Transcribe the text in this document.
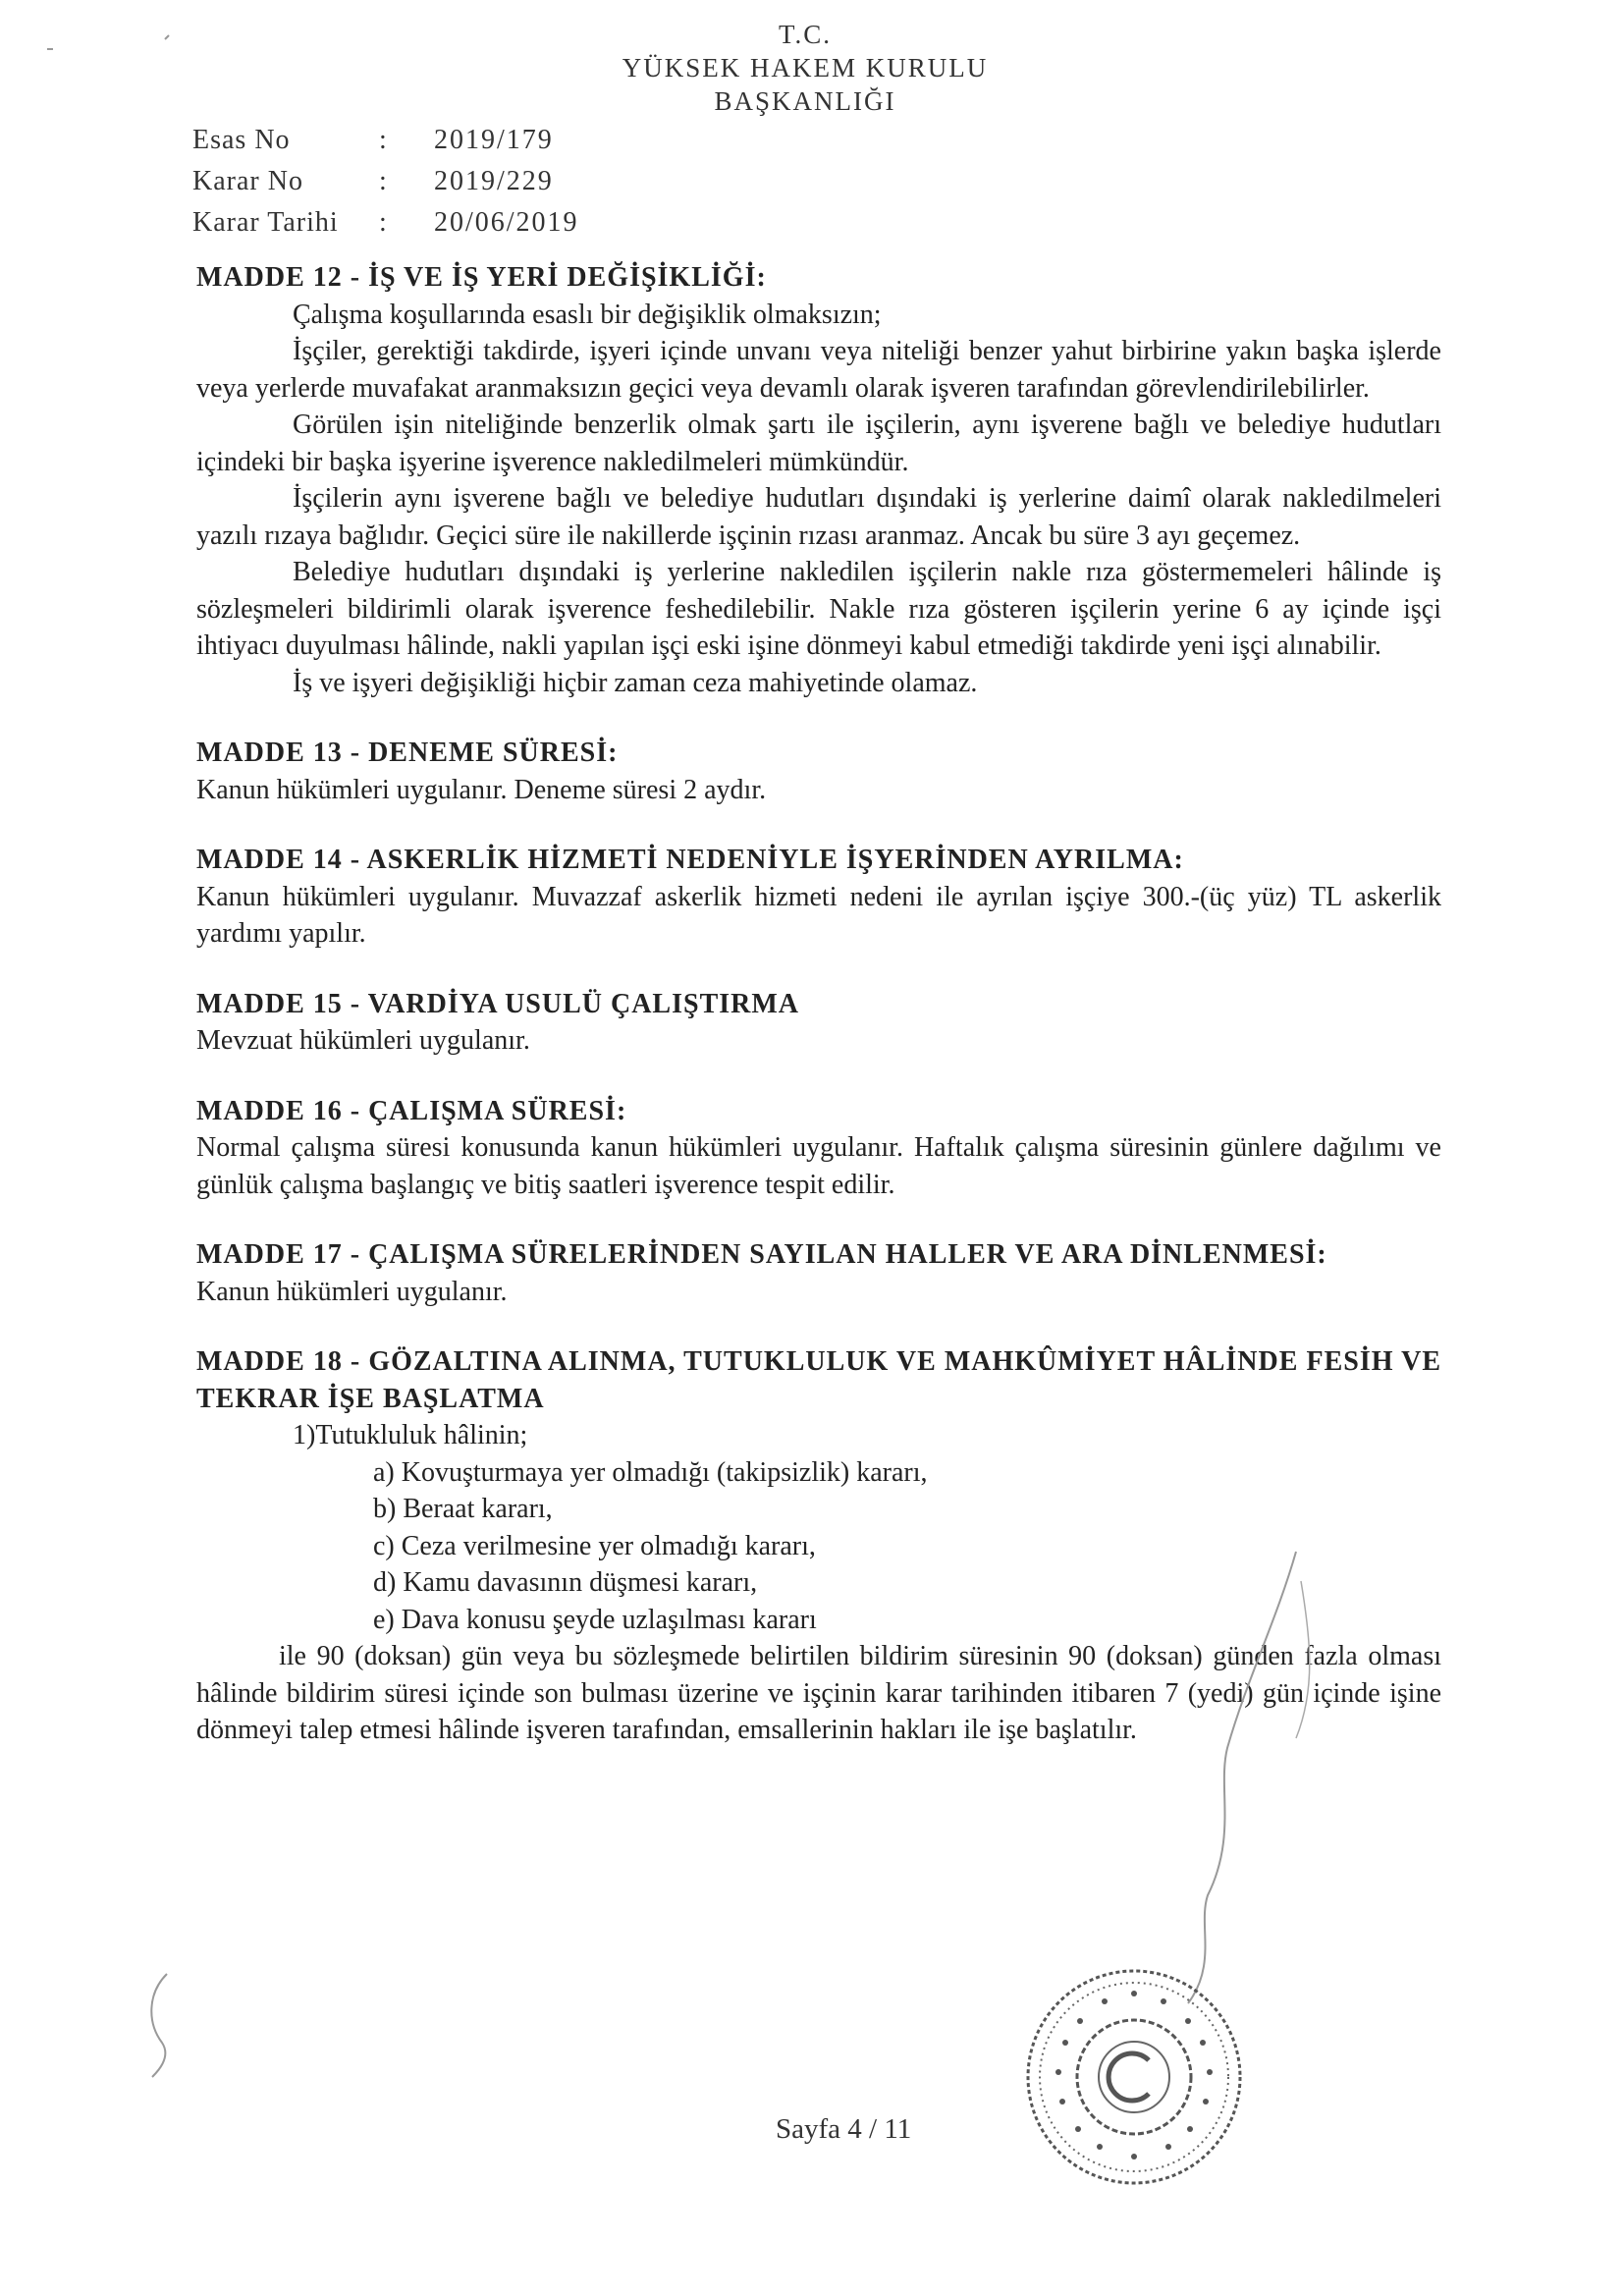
T.C.
YÜKSEK HAKEM KURULU
BAŞKANLIĞI
Esas No	:	2019/179
Karar No	:	2019/229
Karar Tarihi	:	20/06/2019

MADDE 12 - İŞ VE İŞ YERİ DEĞİŞİKLİĞİ:

Çalışma koşullarında esaslı bir değişiklik olmaksızın;

İşçiler, gerektiği takdirde, işyeri içinde unvanı veya niteliği benzer yahut birbirine yakın başka işlerde veya yerlerde muvafakat aranmaksızın geçici veya devamlı olarak işveren tarafından görevlendirilebilirler.

Görülen işin niteliğinde benzerlik olmak şartı ile işçilerin, aynı işverene bağlı ve belediye hudutları içindeki bir başka işyerine işverence nakledilmeleri mümkündür.

İşçilerin aynı işverene bağlı ve belediye hudutları dışındaki iş yerlerine daimî olarak nakledilmeleri yazılı rızaya bağlıdır. Geçici süre ile nakillerde işçinin rızası aranmaz. Ancak bu süre 3 ayı geçemez.

Belediye hudutları dışındaki iş yerlerine nakledilen işçilerin nakle rıza göstermemeleri hâlinde iş sözleşmeleri bildirimli olarak işverence feshedilebilir. Nakle rıza gösteren işçilerin yerine 6 ay içinde işçi ihtiyacı duyulması hâlinde, nakli yapılan işçi eski işine dönmeyi kabul etmediği takdirde yeni işçi alınabilir.

İş ve işyeri değişikliği hiçbir zaman ceza mahiyetinde olamaz.

MADDE 13 - DENEME SÜRESİ:

Kanun hükümleri uygulanır. Deneme süresi 2 aydır.

MADDE 14 - ASKERLİK HİZMETİ NEDENİYLE İŞYERİNDEN AYRILMA:

Kanun hükümleri uygulanır. Muvazzaf askerlik hizmeti nedeni ile ayrılan işçiye 300.-(üç yüz) TL askerlik yardımı yapılır.

MADDE 15 - VARDİYA USULÜ ÇALIŞTIRMA

Mevzuat hükümleri uygulanır.

MADDE 16 - ÇALIŞMA SÜRESİ:

Normal çalışma süresi konusunda kanun hükümleri uygulanır. Haftalık çalışma süresinin günlere dağılımı ve günlük çalışma başlangıç ve bitiş saatleri işverence tespit edilir.

MADDE 17 - ÇALIŞMA SÜRELERİNDEN SAYILAN HALLER VE ARA DİNLENMESİ:

Kanun hükümleri uygulanır.

MADDE 18 - GÖZALTINA ALINMA, TUTUKLULUK VE MAHKÛMİYET HÂLİNDE FESİH VE TEKRAR İŞE BAŞLATMA

1)Tutukluluk hâlinin;

a) Kovuşturmaya yer olmadığı (takipsizlik) kararı,

b) Beraat kararı,

c) Ceza verilmesine yer olmadığı kararı,

d) Kamu davasının düşmesi kararı,

e) Dava konusu şeyde uzlaşılması kararı

ile 90 (doksan) gün veya bu sözleşmede belirtilen bildirim süresinin 90 (doksan) günden fazla olması hâlinde bildirim süresi içinde son bulması üzerine ve işçinin karar tarihinden itibaren 7 (yedi) gün içinde işine dönmeyi talep etmesi hâlinde işveren tarafından, emsallerinin hakları ile işe başlatılır.

Sayfa 4 / 11
